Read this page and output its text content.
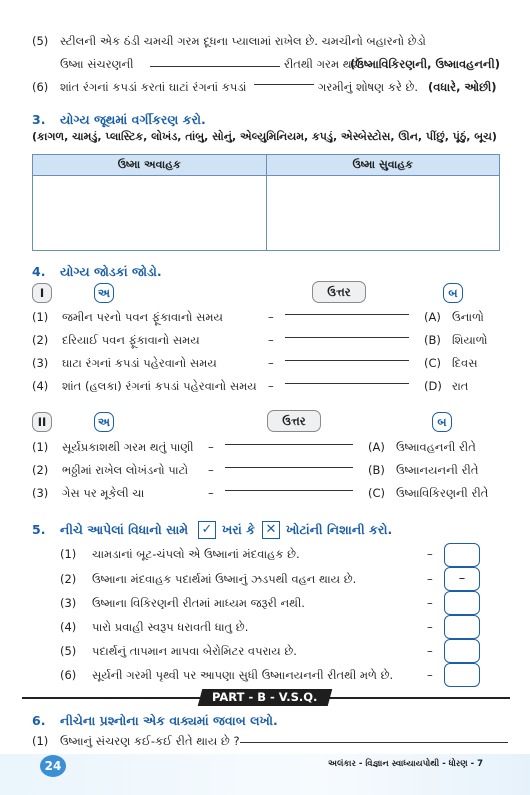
(5) સ્ટીલની એક ઠંડી ચમચી ગરમ દૂધના પ્યાલામાં રાખેલ છે. ચમચીનો બહારનો છેડો
ઉષ્મા સંચરણની	રીતથી ગરમ થશે.
(ઉષ્માવિકિરણની, ઉષ્માવહનની)
(6) શાંત રંગનાં કપડાં કરતાં ઘાટાં રંગનાં કપડાં	ગરમીનું શોષણ કરે છે. (વધારે, ઓછી)
3. યોગ્ય જૂથમાં વર્ગીકરણ કરો.
(કાગળ, ચામડું, પ્લાસ્ટિક, લોખંડ, તાંબુ, સોનું, એલ્યુમિનિયમ, કપડું, એસ્બેસ્ટોસ, ઊન, પીંછું, પૂંઠું, બૂચ)
ઉષ્મા અવાહક	ઉષ્મા સુવાહક

4. યોગ્ય જોડકાં જોડો.
I	અ	ઉત્તર	બ
(1) જમીન પરનો પવન ફૂંકાવાનો સમય	–	(A) ઉનાળો
(2) દરિયાઈ પવન ફૂંકાવાનો સમય	–	(B) શિયાળો
(3) ઘાટા રંગનાં કપડાં પહેરવાનો સમય	–	(C) દિવસ
(4) શાંત (હલકા) રંગનાં કપડાં પહેરવાનો સમય –	(D) રાત
II	અ	ઉત્તર	બ
(1) સૂર્યપ્રકાશથી ગરમ થતું પાણી –	(A) ઉષ્માવહનની રીતે
(2) ભઠ્ઠીમાં રાખેલ લોખંડનો પાટો –	(B) ઉષ્માનયનની રીતે
(3) ગેસ પર મૂકેલી ચા	–	(C) ઉષ્માવિકિરણની રીતે
5. નીચે આપેલાં વિધાનો સામે ✓ ખરાં કે ✕ ખોટાંની નિશાની કરો.
(1) ચામડાનાં બૂટ-ચંપલો એ ઉષ્માનાં મંદવાહક છે.	–
(2) ઉષ્માના મંદવાહક પદાર્થમાં ઉષ્માનું ઝડપથી વહન થાય છે.	–	–
(3) ઉષ્માના વિકિરણની રીતમાં માધ્યમ જરૂરી નથી.	–
(4) પારો પ્રવાહી સ્વરૂપ ધરાવતી ધાતુ છે.	–
(5) પદાર્થનું તાપમાન માપવા બેરોમિટર વપરાય છે.	–
(6) સૂર્યની ગરમી પૃથ્વી પર આપણા સુધી ઉષ્માનયનની રીતથી મળે છે.	–
PART - B - V.S.Q.
6. નીચેના પ્રશ્નોના એક વાક્યમાં જવાબ લખો.
(1) ઉષ્માનું સંચરણ કઈ-કઈ રીતે થાય છે ?
24	અલંકાર - વિજ્ઞાન સ્વાધ્યાયપોથી - ધોરણ - 7
